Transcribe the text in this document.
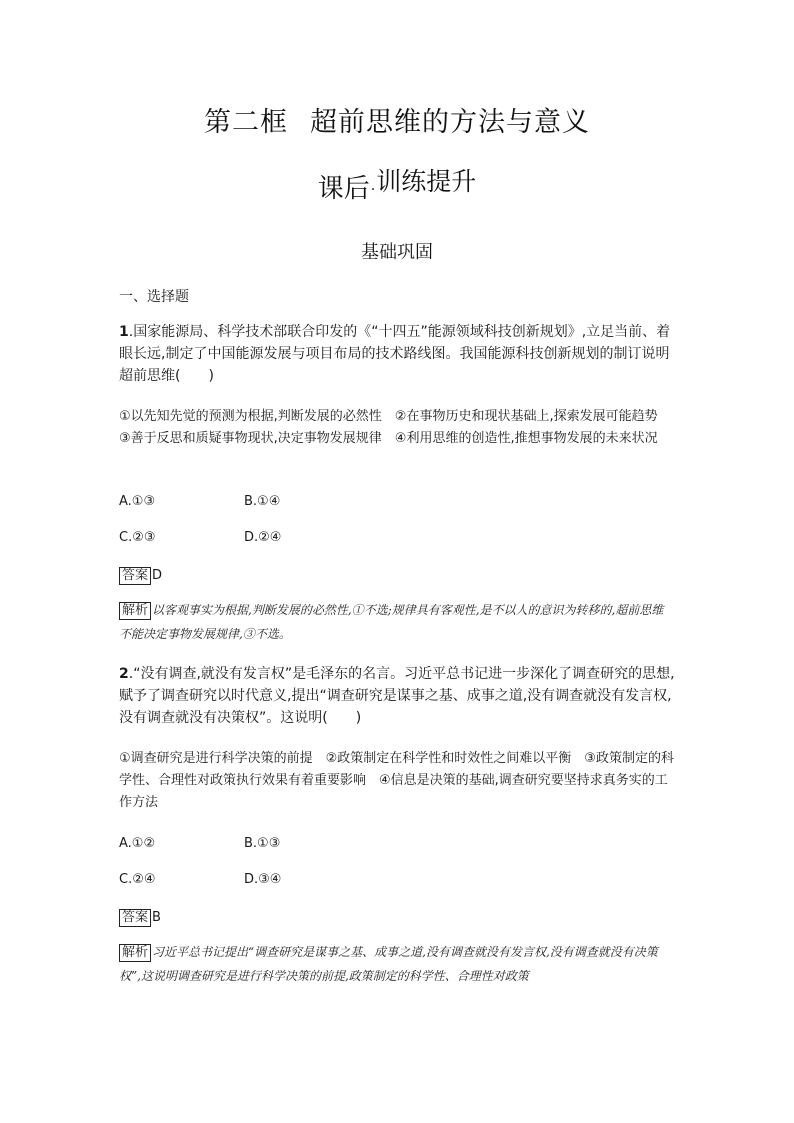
第二框 超前思维的方法与意义
课后·训练提升
基础巩固
一、选择题
1.国家能源局、科学技术部联合印发的《“十四五”能源领域科技创新规划》,立足当前、着眼长远,制定了中国能源发展与项目布局的技术路线图。我国能源科技创新规划的制订说明超前思维(　　)
①以先知先觉的预测为根据,判断发展的必然性　②在事物历史和现状基础上,探索发展可能趋势　③善于反思和质疑事物现状,决定事物发展规律　④利用思维的创造性,推想事物发展的未来状况
A.①③	B.①④
C.②③	D.②④
答案 D
解析 以客观事实为根据,判断发展的必然性,①不选;规律具有客观性,是不以人的意识为转移的,超前思维不能决定事物发展规律,③不选。
2.“没有调查,就没有发言权”是毛泽东的名言。习近平总书记进一步深化了调查研究的思想,赋予了调查研究以时代意义,提出“调查研究是谋事之基、成事之道,没有调查就没有发言权,没有调查就没有决策权”。这说明(　　)
①调查研究是进行科学决策的前提　②政策制定在科学性和时效性之间难以平衡　③政策制定的科学性、合理性对政策执行效果有着重要影响　④信息是决策的基础,调查研究要坚持求真务实的工作方法
A.①②	B.①③
C.②④	D.③④
答案 B
解析 习近平总书记提出“调查研究是谋事之基、成事之道,没有调查就没有发言权,没有调查就没有决策权”,这说明调查研究是进行科学决策的前提,政策制定的科学性、合理性对政策
